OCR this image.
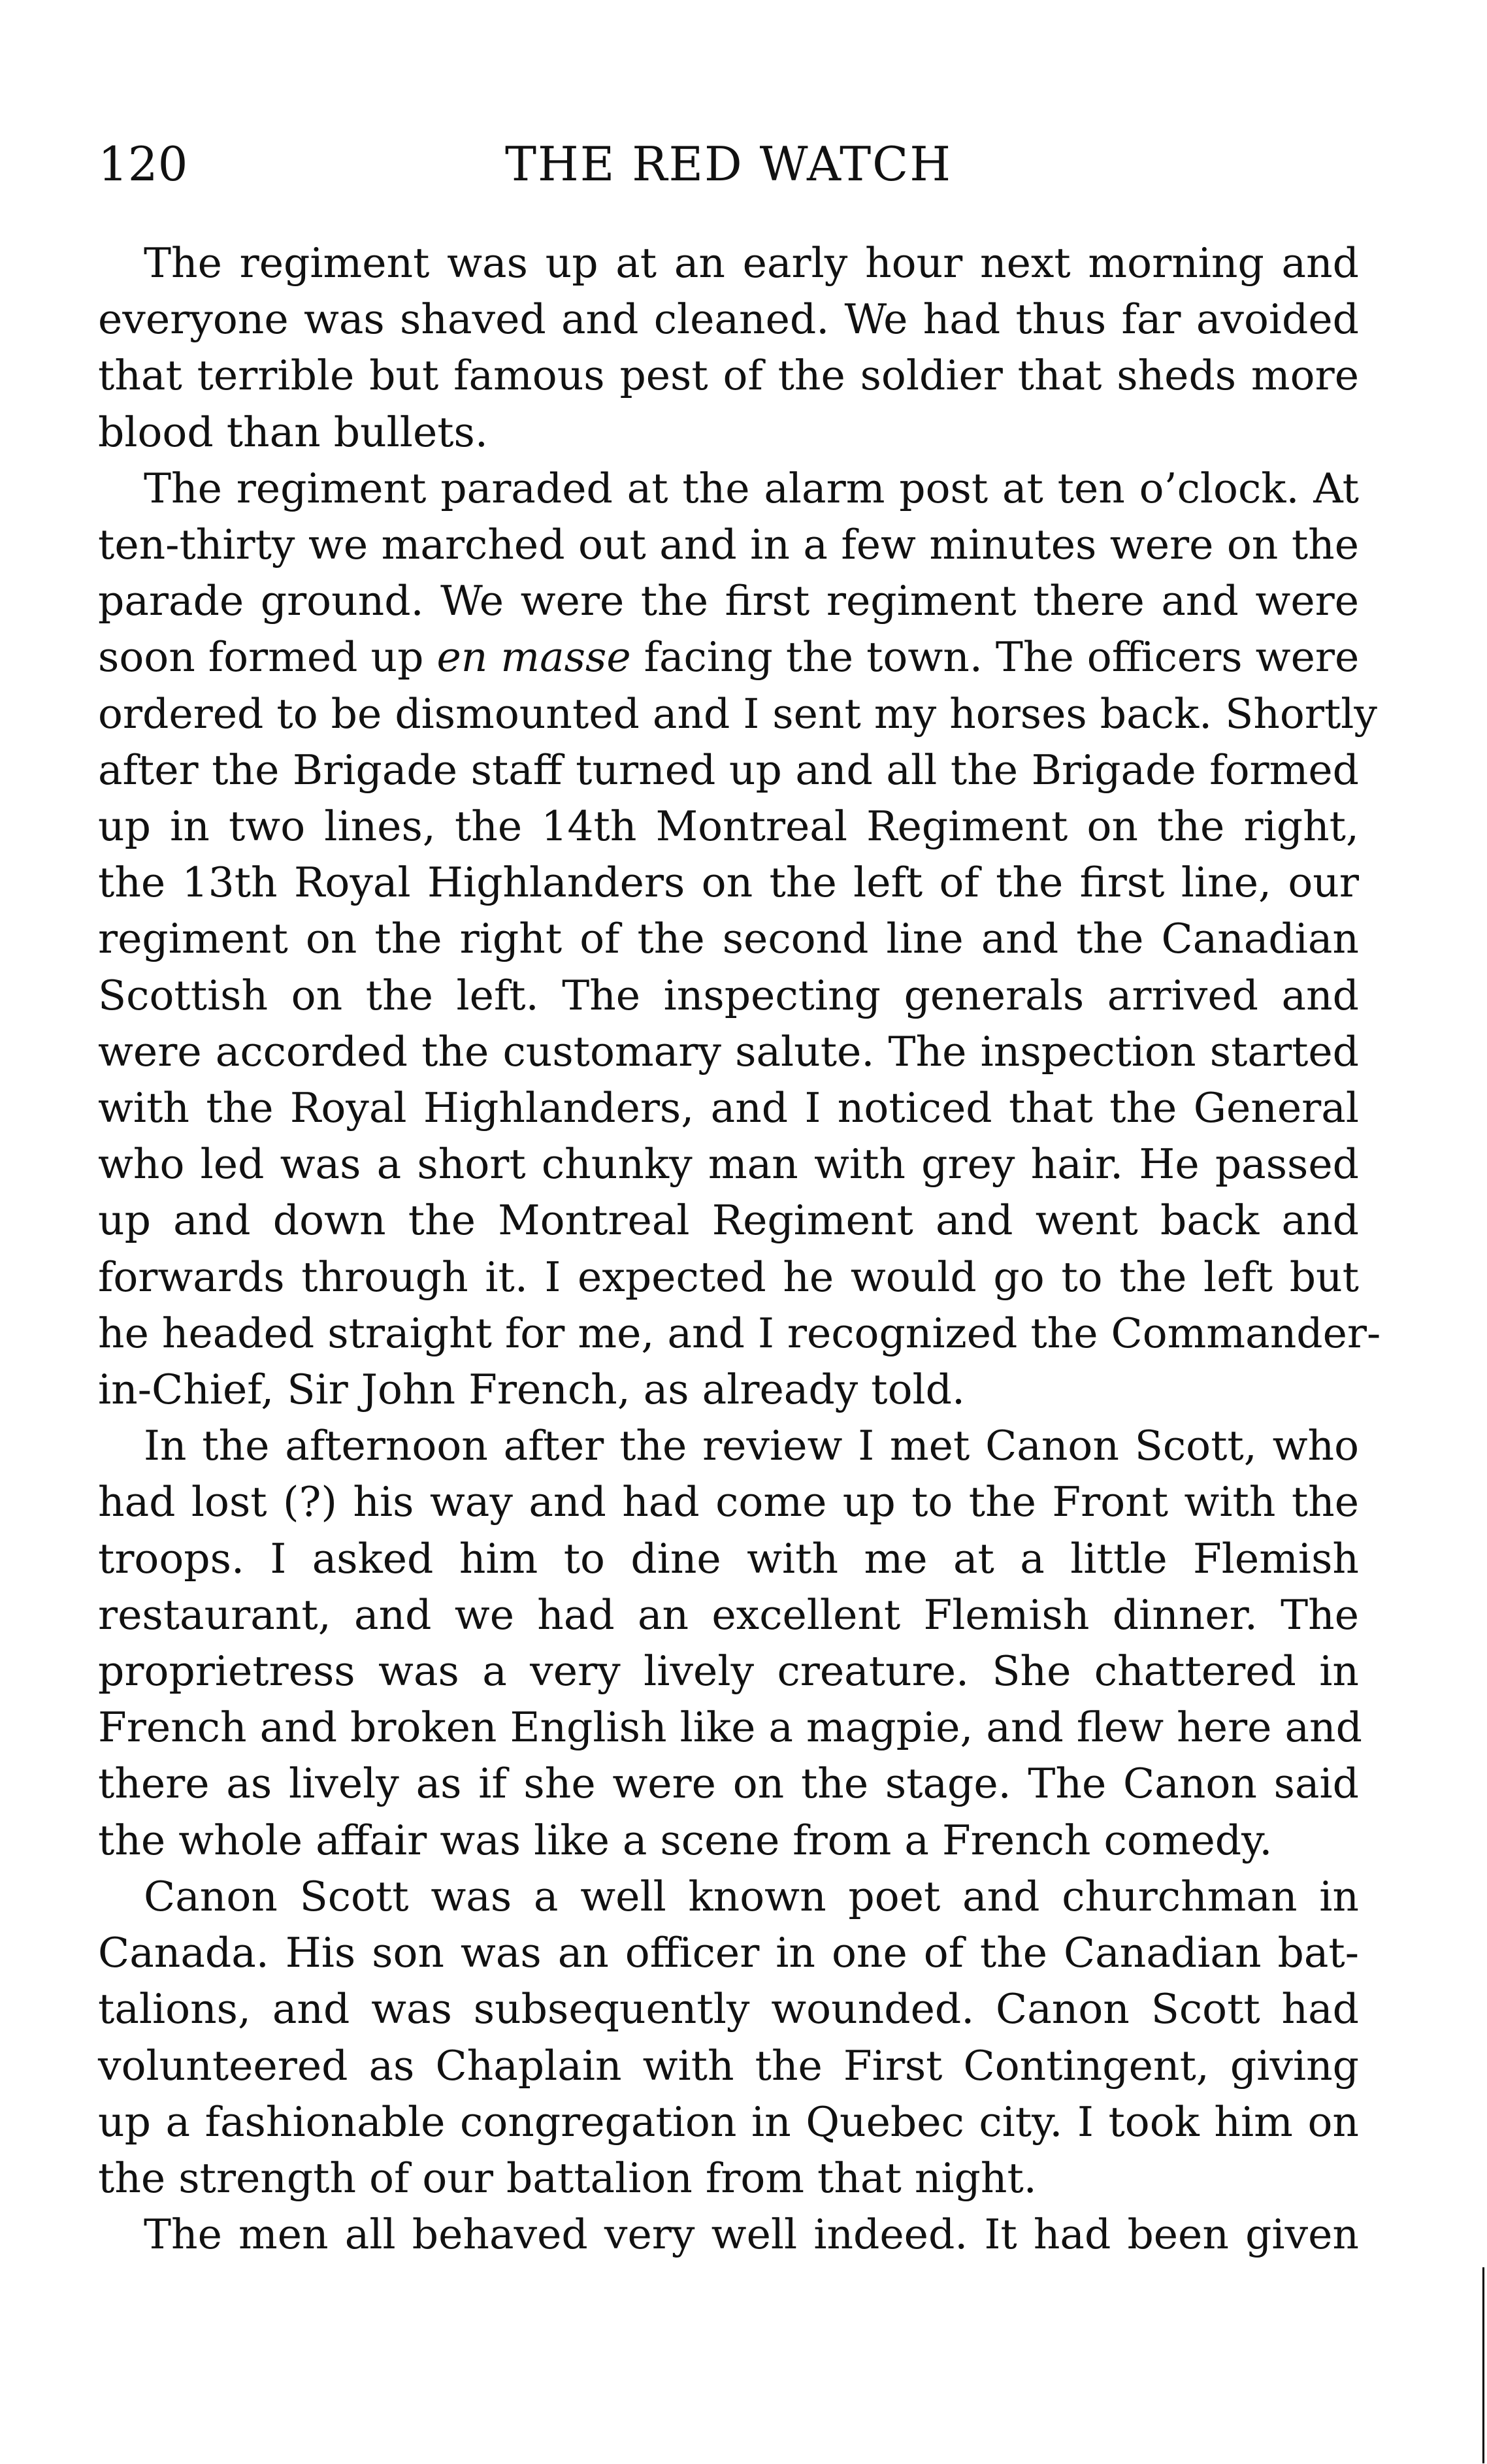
120	THE RED WATCH
The regiment was up at an early hour next morning and
everyone was shaved and cleaned. We had thus far avoided
that terrible but famous pest of the soldier that sheds more
blood than bullets.
The regiment paraded at the alarm post at ten o’clock. At
ten-thirty we marched out and in a few minutes were on the
parade ground. We were the first regiment there and were
soon formed up en masse facing the town. The officers were
ordered to be dismounted and I sent my horses back. Shortly
after the Brigade staff turned up and all the Brigade formed
up in two lines, the 14th Montreal Regiment on the right,
the 13th Royal Highlanders on the left of the first line, our
regiment on the right of the second line and the Canadian
Scottish on the left. The inspecting generals arrived and
were accorded the customary salute. The inspection started
with the Royal Highlanders, and I noticed that the General
who led was a short chunky man with grey hair. He passed
up and down the Montreal Regiment and went back and
forwards through it. I expected he would go to the left but
he headed straight for me, and I recognized the Commander-
in-Chief, Sir John French, as already told.
In the afternoon after the review I met Canon Scott, who
had lost (?) his way and had come up to the Front with the
troops. I asked him to dine with me at a little Flemish
restaurant, and we had an excellent Flemish dinner. The
proprietress was a very lively creature. She chattered in
French and broken English like a magpie, and flew here and
there as lively as if she were on the stage. The Canon said
the whole affair was like a scene from a French comedy.
Canon Scott was a well known poet and churchman in
Canada. His son was an officer in one of the Canadian bat-
talions, and was subsequently wounded. Canon Scott had
volunteered as Chaplain with the First Contingent, giving
up a fashionable congregation in Quebec city. I took him on
the strength of our battalion from that night.
The men all behaved very well indeed. It had been given
